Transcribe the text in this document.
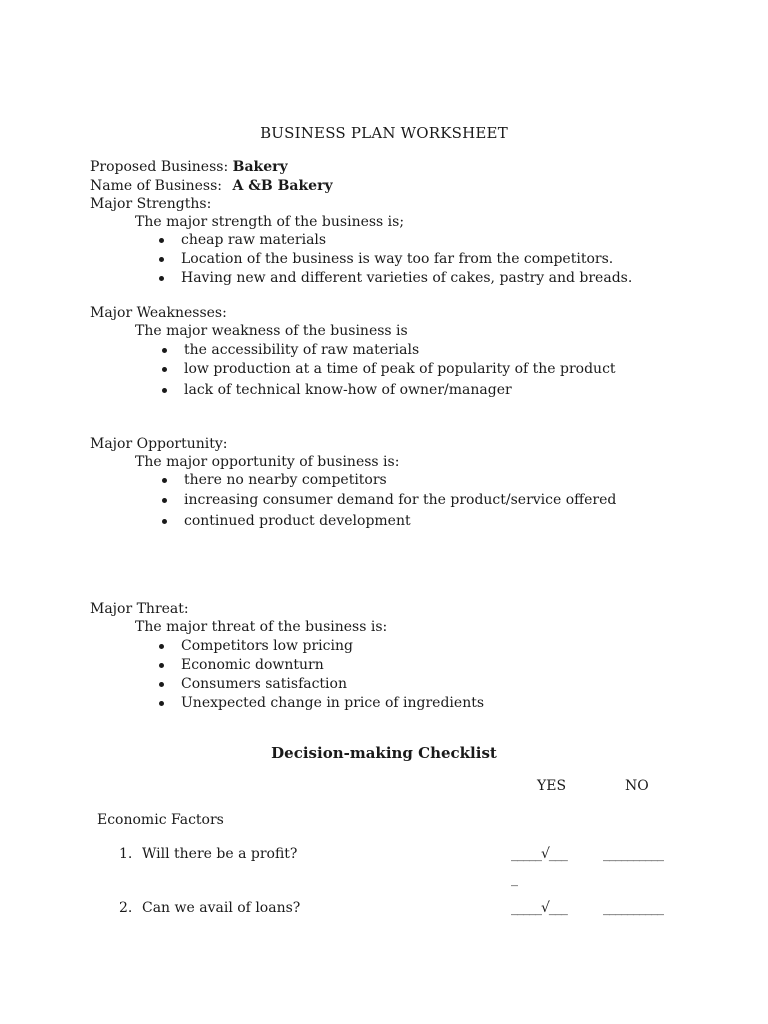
BUSINESS PLAN WORKSHEET
Proposed Business: Bakery
Name of Business: A &B Bakery
Major Strengths:
The major strength of the business is;
cheap raw materials
Location of the business is way too far from the competitors.
Having new and different varieties of cakes, pastry and breads.
Major Weaknesses:
The major weakness of the business is
the accessibility of raw materials
low production at a time of peak of popularity of the product
lack of technical know-how of owner/manager
Major Opportunity:
The major opportunity of business is:
there no nearby competitors
increasing consumer demand for the product/service offered
continued product development
Major Threat:
The major threat of the business is:
Competitors low pricing
Economic downturn
Consumers satisfaction
Unexpected change in price of ingredients
Decision-making Checklist
YES	NO
Economic Factors
1. Will there be a profit?	_____√___	__________
_
2. Can we avail of loans?	_____√___	__________
